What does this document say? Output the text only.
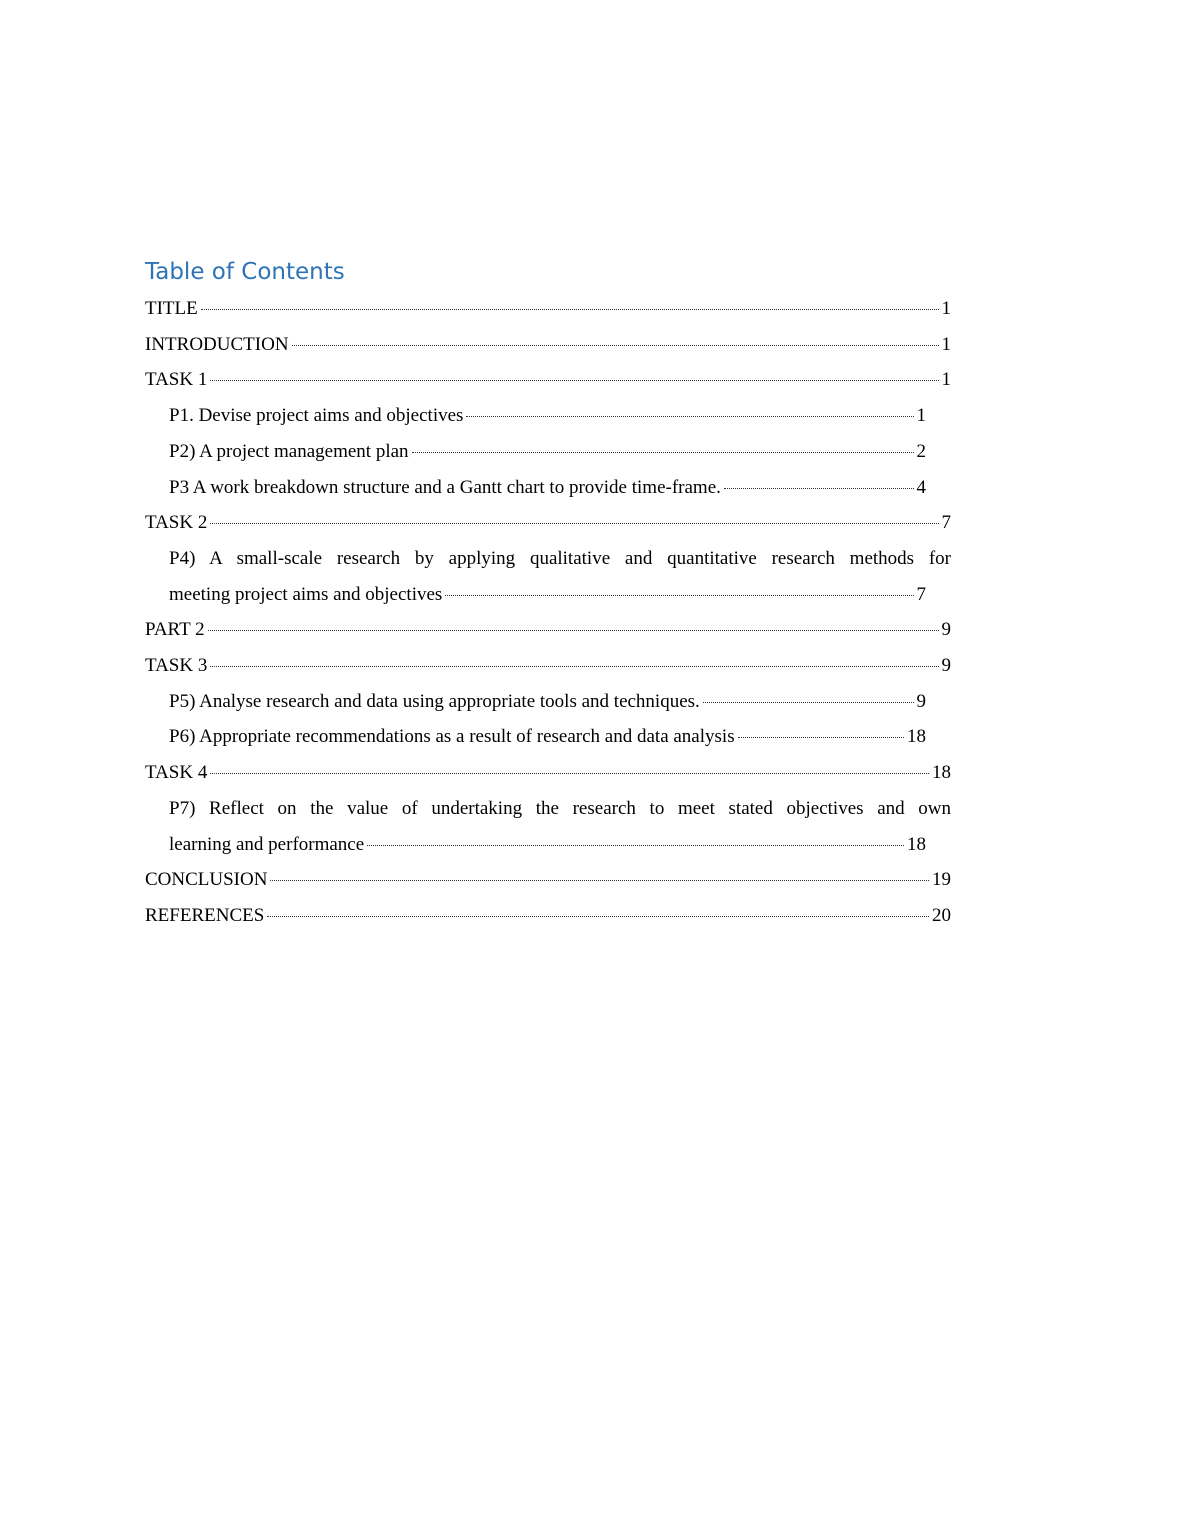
Table of Contents
TITLE	1
INTRODUCTION	1
TASK 1	1
P1. Devise project aims and objectives	1
P2) A project management plan	2
P3 A work breakdown structure and a Gantt chart to provide time-frame.	4
TASK 2	7
P4) A small-scale research by applying qualitative and quantitative research methods for
meeting project aims and objectives	7
PART 2	9
TASK 3	9
P5) Analyse research and data using appropriate tools and techniques.	9
P6) Appropriate recommendations as a result of research and data analysis	18
TASK 4	18
P7) Reflect on the value of undertaking the research to meet stated objectives and own
learning and performance	18
CONCLUSION	19
REFERENCES	20
